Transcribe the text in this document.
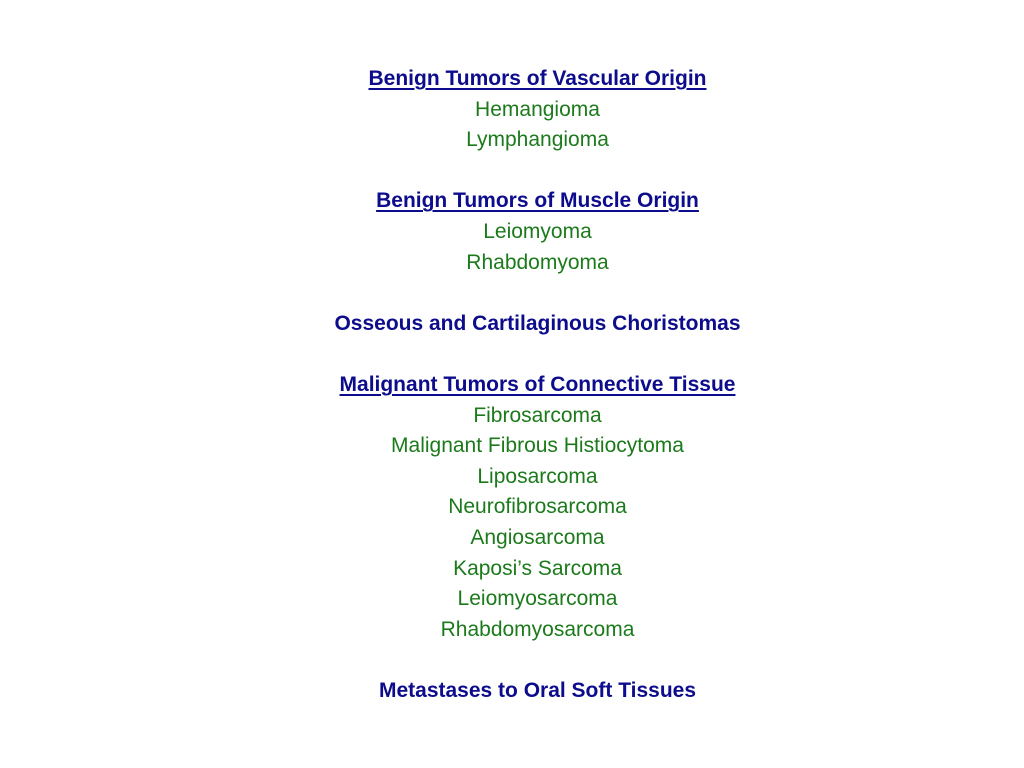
Benign Tumors of Vascular Origin
Hemangioma
Lymphangioma
Benign Tumors of Muscle Origin
Leiomyoma
Rhabdomyoma
Osseous and Cartilaginous Choristomas
Malignant Tumors of Connective Tissue
Fibrosarcoma
Malignant Fibrous Histiocytoma
Liposarcoma
Neurofibrosarcoma
Angiosarcoma
Kaposi’s Sarcoma
Leiomyosarcoma
Rhabdomyosarcoma
Metastases to Oral Soft Tissues
